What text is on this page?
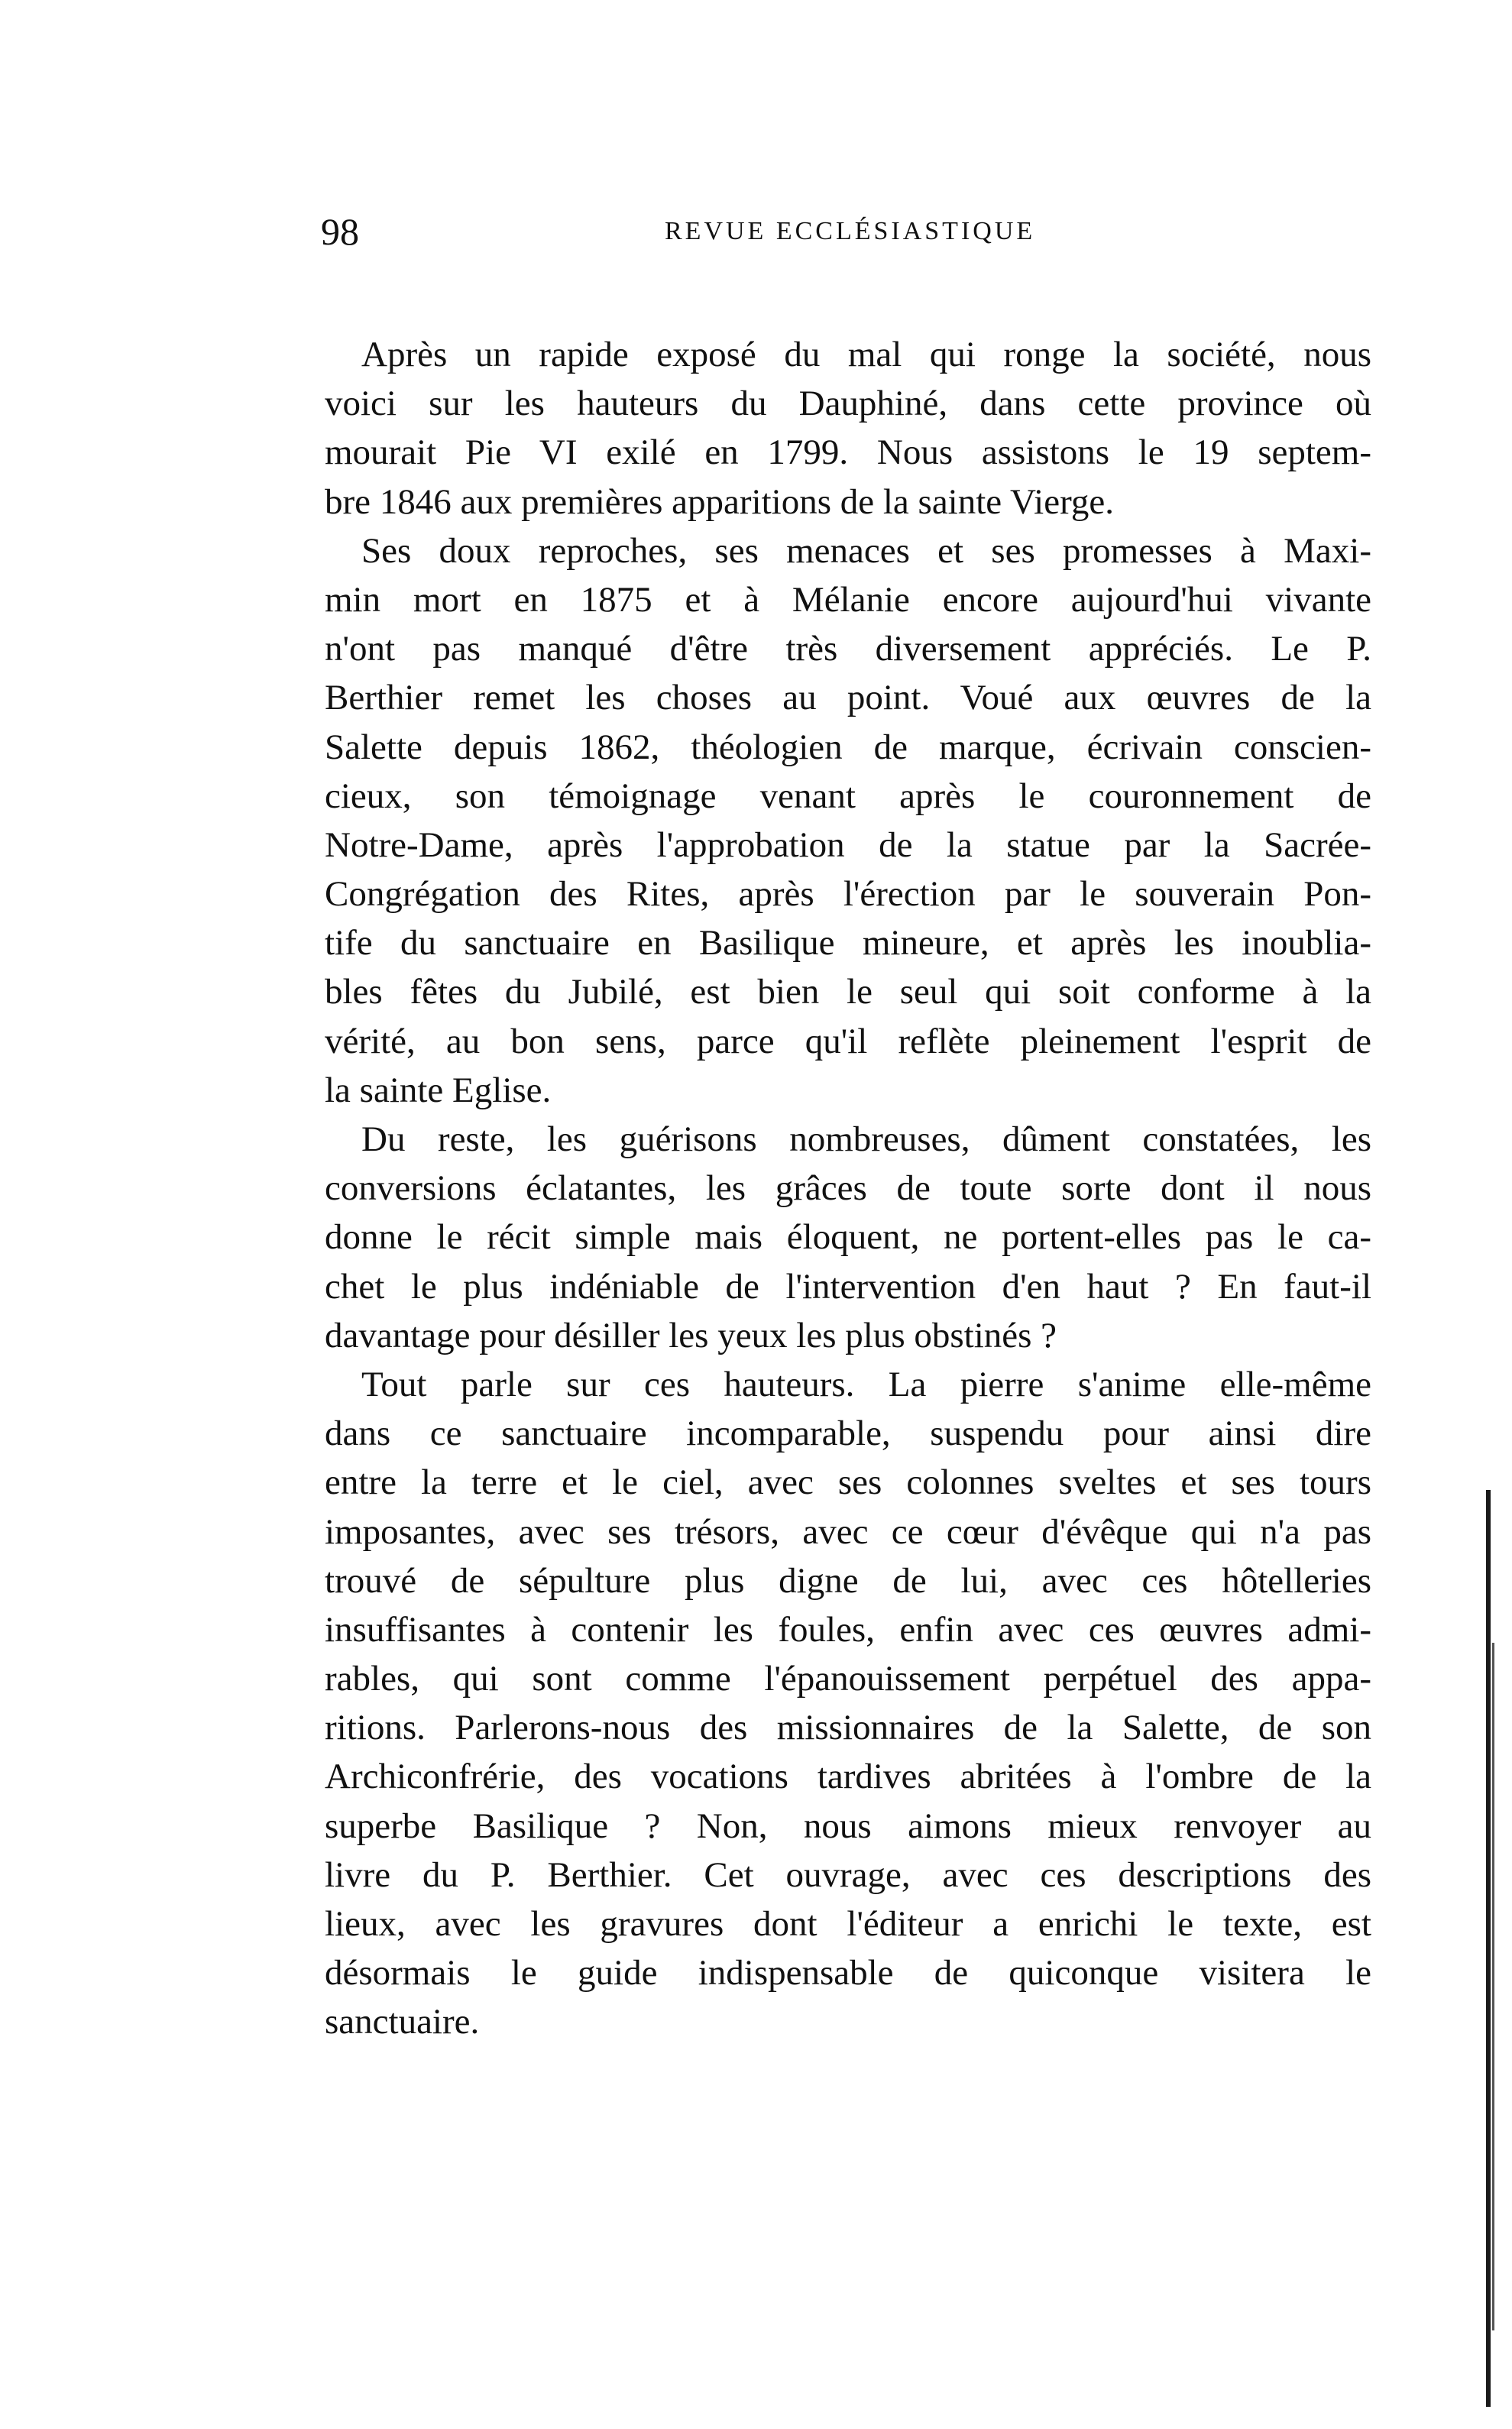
98	REVUE ECCLÉSIASTIQUE
Après un rapide exposé du mal qui ronge la société, nous
voici sur les hauteurs du Dauphiné, dans cette province où
mourait Pie VI exilé en 1799. Nous assistons le 19 septem-
bre 1846 aux premières apparitions de la sainte Vierge.
Ses doux reproches, ses menaces et ses promesses à Maxi-
min mort en 1875 et à Mélanie encore aujourd'hui vivante
n'ont pas manqué d'être très diversement appréciés. Le P.
Berthier remet les choses au point. Voué aux œuvres de la
Salette depuis 1862, théologien de marque, écrivain conscien-
cieux, son témoignage venant après le couronnement de
Notre-Dame, après l'approbation de la statue par la Sacrée-
Congrégation des Rites, après l'érection par le souverain Pon-
tife du sanctuaire en Basilique mineure, et après les inoublia-
bles fêtes du Jubilé, est bien le seul qui soit conforme à la
vérité, au bon sens, parce qu'il reflète pleinement l'esprit de
la sainte Eglise.
Du reste, les guérisons nombreuses, dûment constatées, les
conversions éclatantes, les grâces de toute sorte dont il nous
donne le récit simple mais éloquent, ne portent-elles pas le ca-
chet le plus indéniable de l'intervention d'en haut ? En faut-il
davantage pour désiller les yeux les plus obstinés ?
Tout parle sur ces hauteurs. La pierre s'anime elle-même
dans ce sanctuaire incomparable, suspendu pour ainsi dire
entre la terre et le ciel, avec ses colonnes sveltes et ses tours
imposantes, avec ses trésors, avec ce cœur d'évêque qui n'a pas
trouvé de sépulture plus digne de lui, avec ces hôtelleries
insuffisantes à contenir les foules, enfin avec ces œuvres admi-
rables, qui sont comme l'épanouissement perpétuel des appa-
ritions. Parlerons-nous des missionnaires de la Salette, de son
Archiconfrérie, des vocations tardives abritées à l'ombre de la
superbe Basilique ? Non, nous aimons mieux renvoyer au
livre du P. Berthier. Cet ouvrage, avec ces descriptions des
lieux, avec les gravures dont l'éditeur a enrichi le texte, est
désormais le guide indispensable de quiconque visitera le
sanctuaire.
